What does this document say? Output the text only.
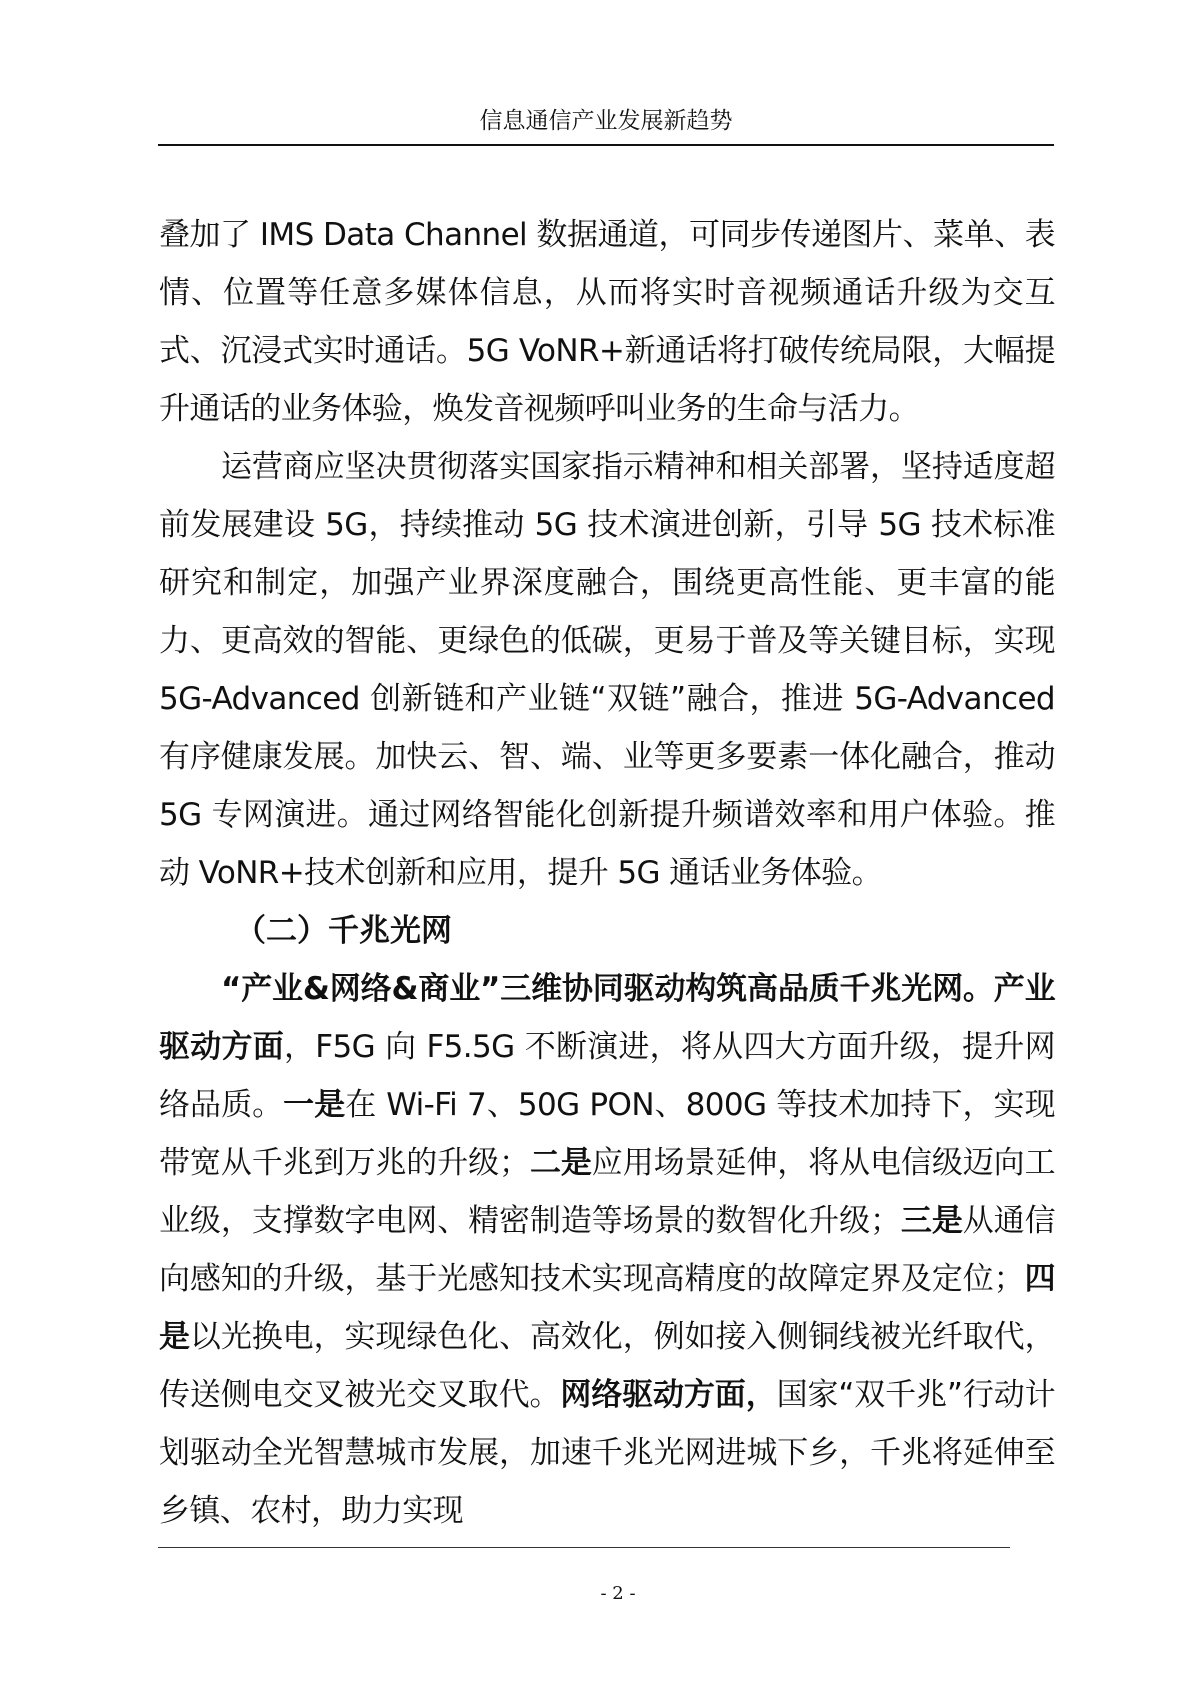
信息通信产业发展新趋势

叠加了 IMS Data Channel 数据通道，可同步传递图片、菜单、表情、位置等任意多媒体信息，从而将实时音视频通话升级为交互式、沉浸式实时通话。5G VoNR+新通话将打破传统局限，大幅提升通话的业务体验，焕发音视频呼叫业务的生命与活力。

运营商应坚决贯彻落实国家指示精神和相关部署，坚持适度超前发展建设 5G，持续推动 5G 技术演进创新，引导 5G 技术标准研究和制定，加强产业界深度融合，围绕更高性能、更丰富的能力、更高效的智能、更绿色的低碳，更易于普及等关键目标，实现 5G-Advanced 创新链和产业链“双链”融合，推进 5G-Advanced 有序健康发展。加快云、智、端、业等更多要素一体化融合，推动 5G 专网演进。通过网络智能化创新提升频谱效率和用户体验。推动 VoNR+技术创新和应用，提升 5G 通话业务体验。

（二）千兆光网

“产业&网络&商业”三维协同驱动构筑高品质千兆光网。产业驱动方面，F5G 向 F5.5G 不断演进，将从四大方面升级，提升网络品质。一是在 Wi-Fi 7、50G PON、800G 等技术加持下，实现带宽从千兆到万兆的升级；二是应用场景延伸，将从电信级迈向工业级，支撑数字电网、精密制造等场景的数智化升级；三是从通信向感知的升级，基于光感知技术实现高精度的故障定界及定位；四是以光换电，实现绿色化、高效化，例如接入侧铜线被光纤取代，传送侧电交叉被光交叉取代。网络驱动方面，国家“双千兆”行动计划驱动全光智慧城市发展，加速千兆光网进城下乡，千兆将延伸至乡镇、农村，助力实现

- 2 -
